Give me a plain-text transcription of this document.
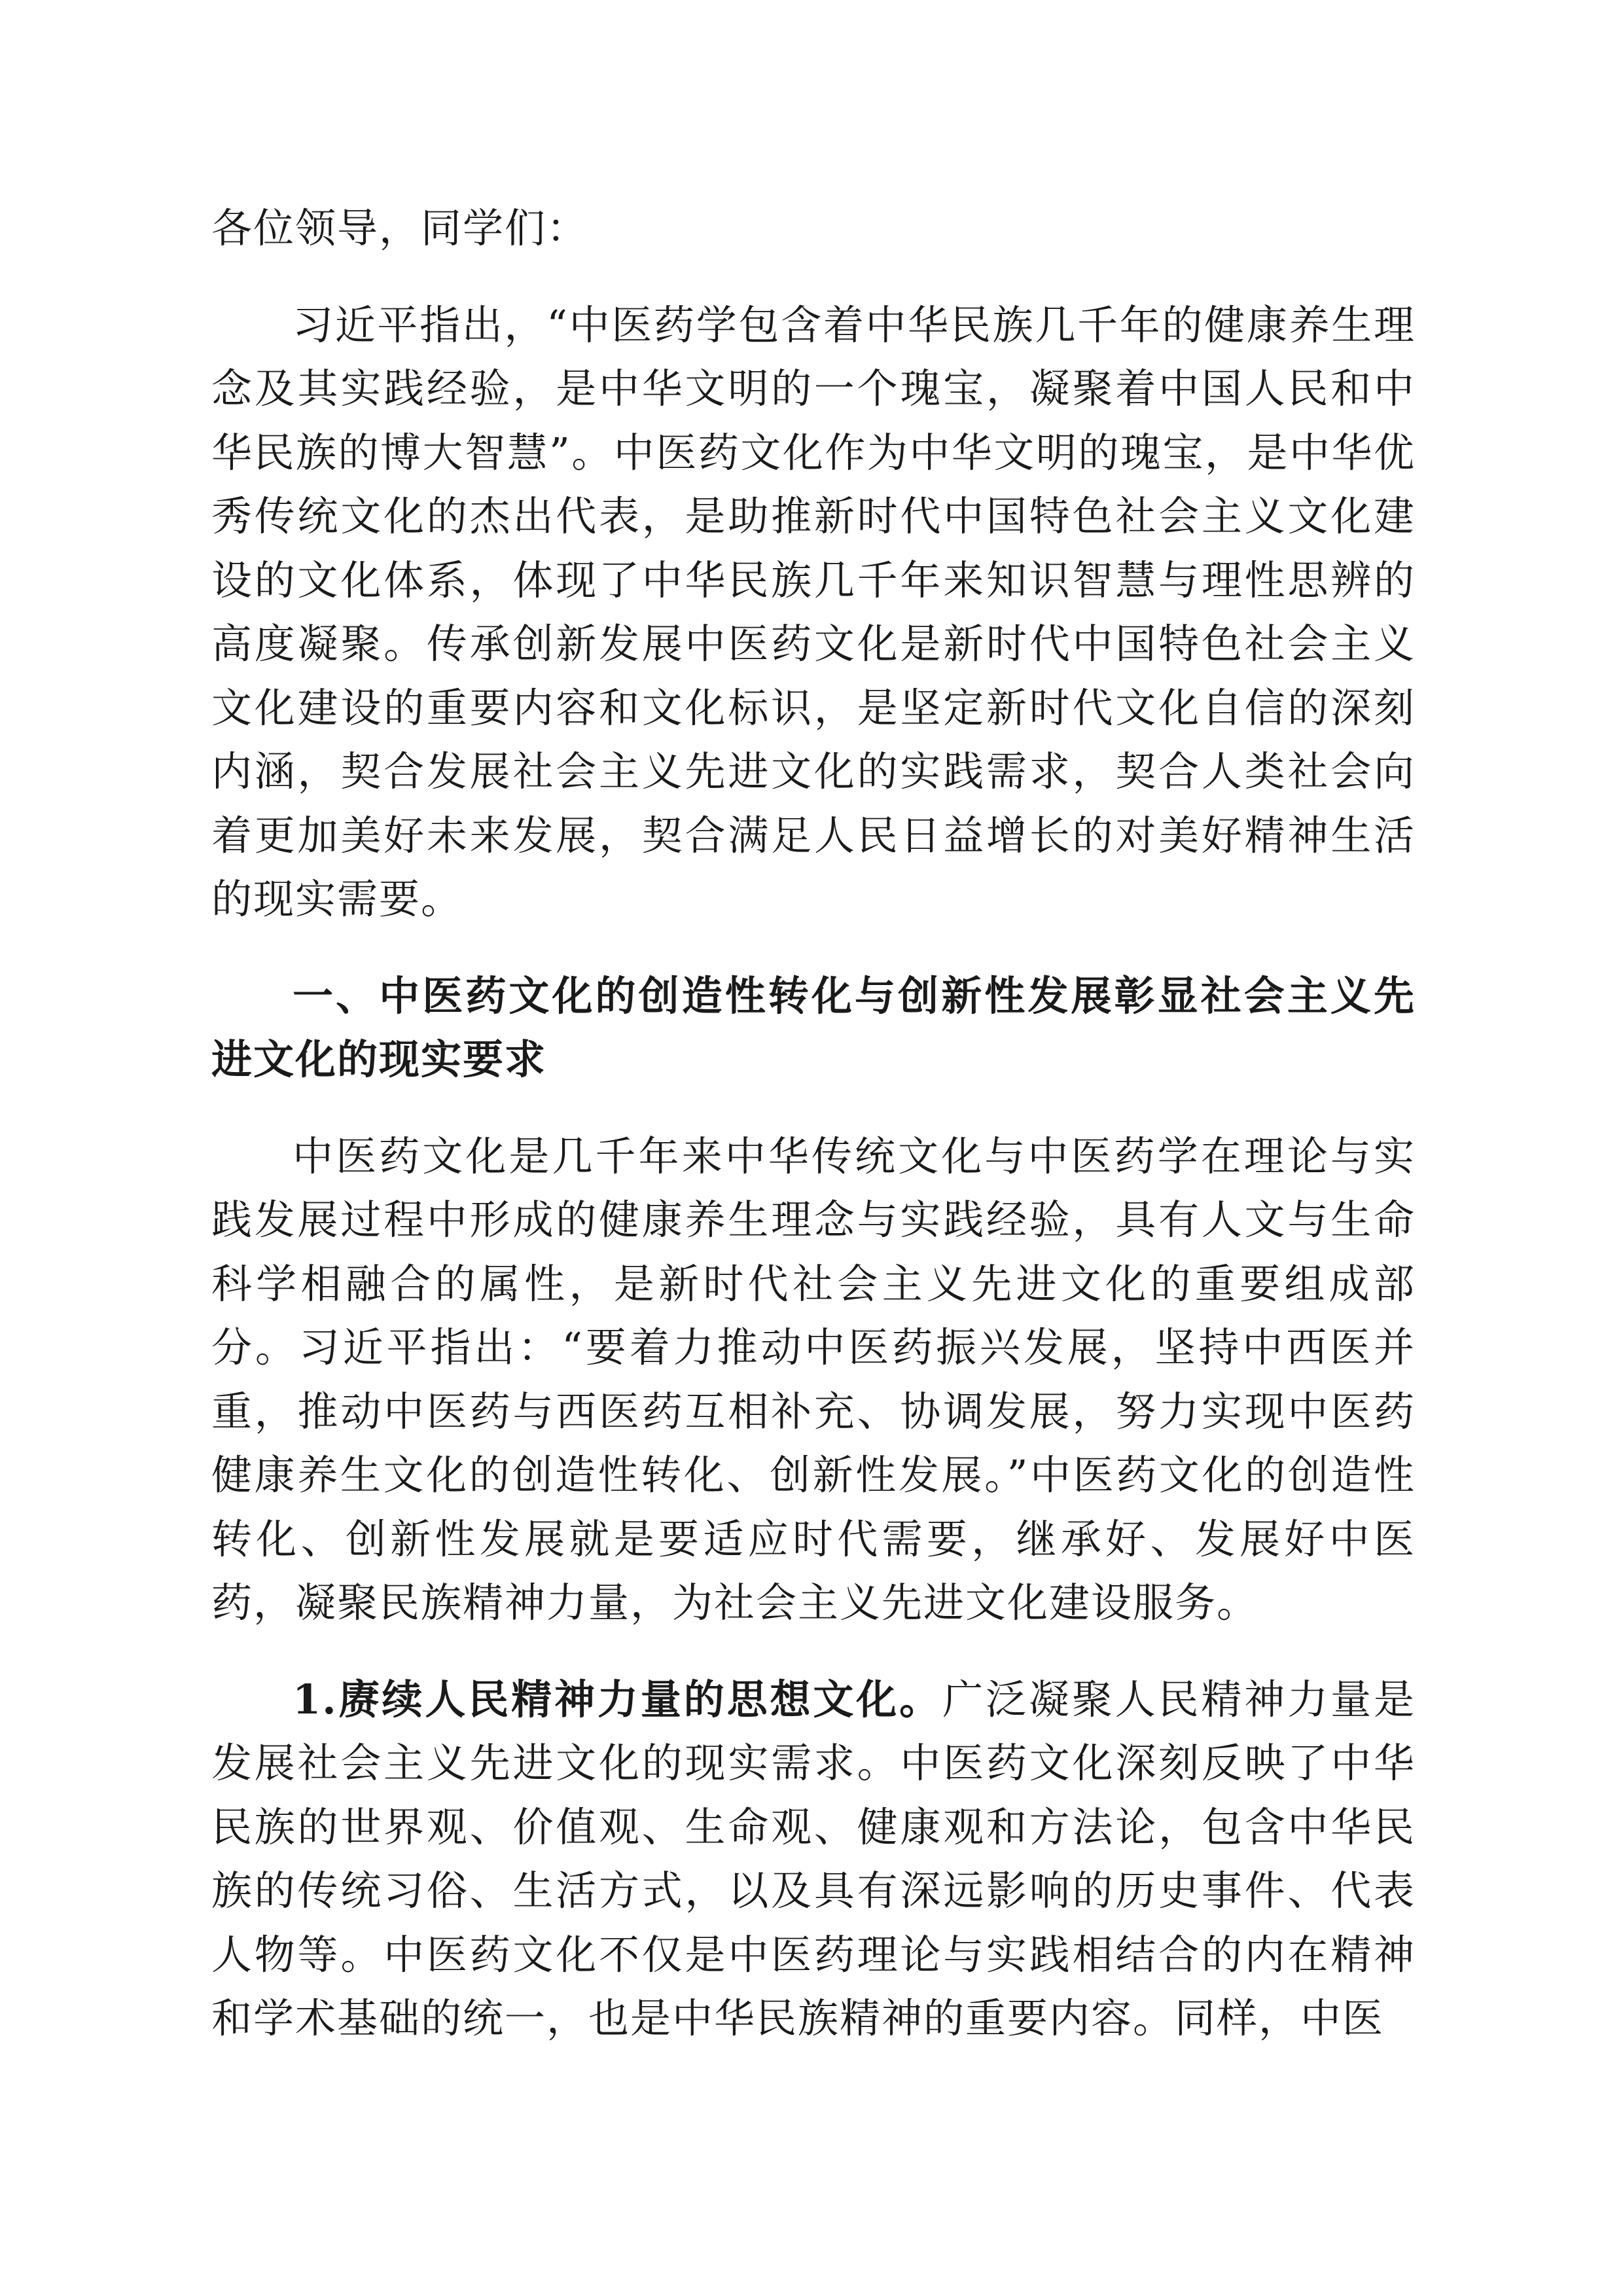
各位领导，同学们：

习近平指出，“中医药学包含着中华民族几千年的健康养生理念及其实践经验，是中华文明的一个瑰宝，凝聚着中国人民和中华民族的博大智慧”。中医药文化作为中华文明的瑰宝，是中华优秀传统文化的杰出代表，是助推新时代中国特色社会主义文化建设的文化体系，体现了中华民族几千年来知识智慧与理性思辨的高度凝聚。传承创新发展中医药文化是新时代中国特色社会主义文化建设的重要内容和文化标识，是坚定新时代文化自信的深刻内涵，契合发展社会主义先进文化的实践需求，契合人类社会向着更加美好未来发展，契合满足人民日益增长的对美好精神生活的现实需要。

一、中医药文化的创造性转化与创新性发展彰显社会主义先进文化的现实要求

中医药文化是几千年来中华传统文化与中医药学在理论与实践发展过程中形成的健康养生理念与实践经验，具有人文与生命科学相融合的属性，是新时代社会主义先进文化的重要组成部分。习近平指出：“要着力推动中医药振兴发展，坚持中西医并重，推动中医药与西医药互相补充、协调发展，努力实现中医药健康养生文化的创造性转化、创新性发展。”中医药文化的创造性转化、创新性发展就是要适应时代需要，继承好、发展好中医药，凝聚民族精神力量，为社会主义先进文化建设服务。

1.赓续人民精神力量的思想文化。广泛凝聚人民精神力量是发展社会主义先进文化的现实需求。中医药文化深刻反映了中华民族的世界观、价值观、生命观、健康观和方法论，包含中华民族的传统习俗、生活方式，以及具有深远影响的历史事件、代表人物等。中医药文化不仅是中医药理论与实践相结合的内在精神和学术基础的统一，也是中华民族精神的重要内容。同样，中医
